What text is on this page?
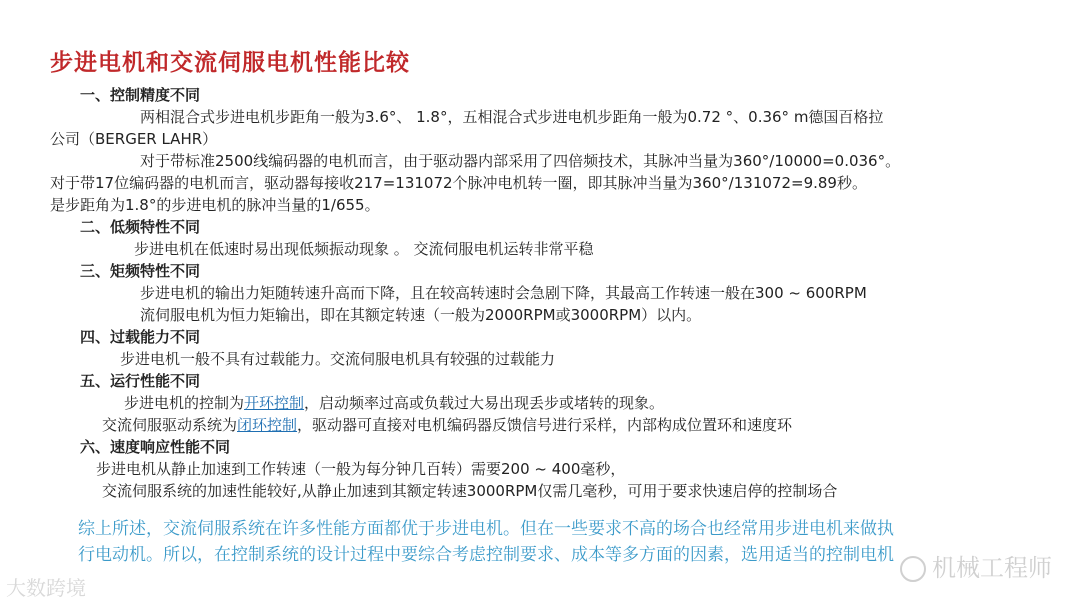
步进电机和交流伺服电机性能比较
一、控制精度不同
两相混合式步进电机步距角一般为3.6°、 1.8°，五相混合式步进电机步距角一般为0.72 °、0.36° m德国百格拉
公司（BERGER LAHR）
对于带标准2500线编码器的电机而言，由于驱动器内部采用了四倍频技术，其脉冲当量为360°/10000=0.036°。
对于带17位编码器的电机而言，驱动器每接收217=131072个脉冲电机转一圈，即其脉冲当量为360°/131072=9.89秒。
是步距角为1.8°的步进电机的脉冲当量的1/655。
二、低频特性不同
步进电机在低速时易出现低频振动现象 。 交流伺服电机运转非常平稳
三、矩频特性不同
步进电机的输出力矩随转速升高而下降，且在较高转速时会急剧下降，其最高工作转速一般在300 ~ 600RPM
流伺服电机为恒力矩输出，即在其额定转速（一般为2000RPM或3000RPM）以内。
四、过载能力不同
步进电机一般不具有过载能力。交流伺服电机具有较强的过载能力
五、运行性能不同
步进电机的控制为开环控制，启动频率过高或负载过大易出现丢步或堵转的现象。
交流伺服驱动系统为闭环控制，驱动器可直接对电机编码器反馈信号进行采样，内部构成位置环和速度环
六、速度响应性能不同
步进电机从静止加速到工作转速（一般为每分钟几百转）需要200 ~ 400毫秒，
交流伺服系统的加速性能较好,从静止加速到其额定转速3000RPM仅需几毫秒，可用于要求快速启停的控制场合
综上所述，交流伺服系统在许多性能方面都优于步进电机。但在一些要求不高的场合也经常用步进电机来做执
行电动机。所以，在控制系统的设计过程中要综合考虑控制要求、成本等多方面的因素，选用适当的控制电机
大数跨境
机械工程师
